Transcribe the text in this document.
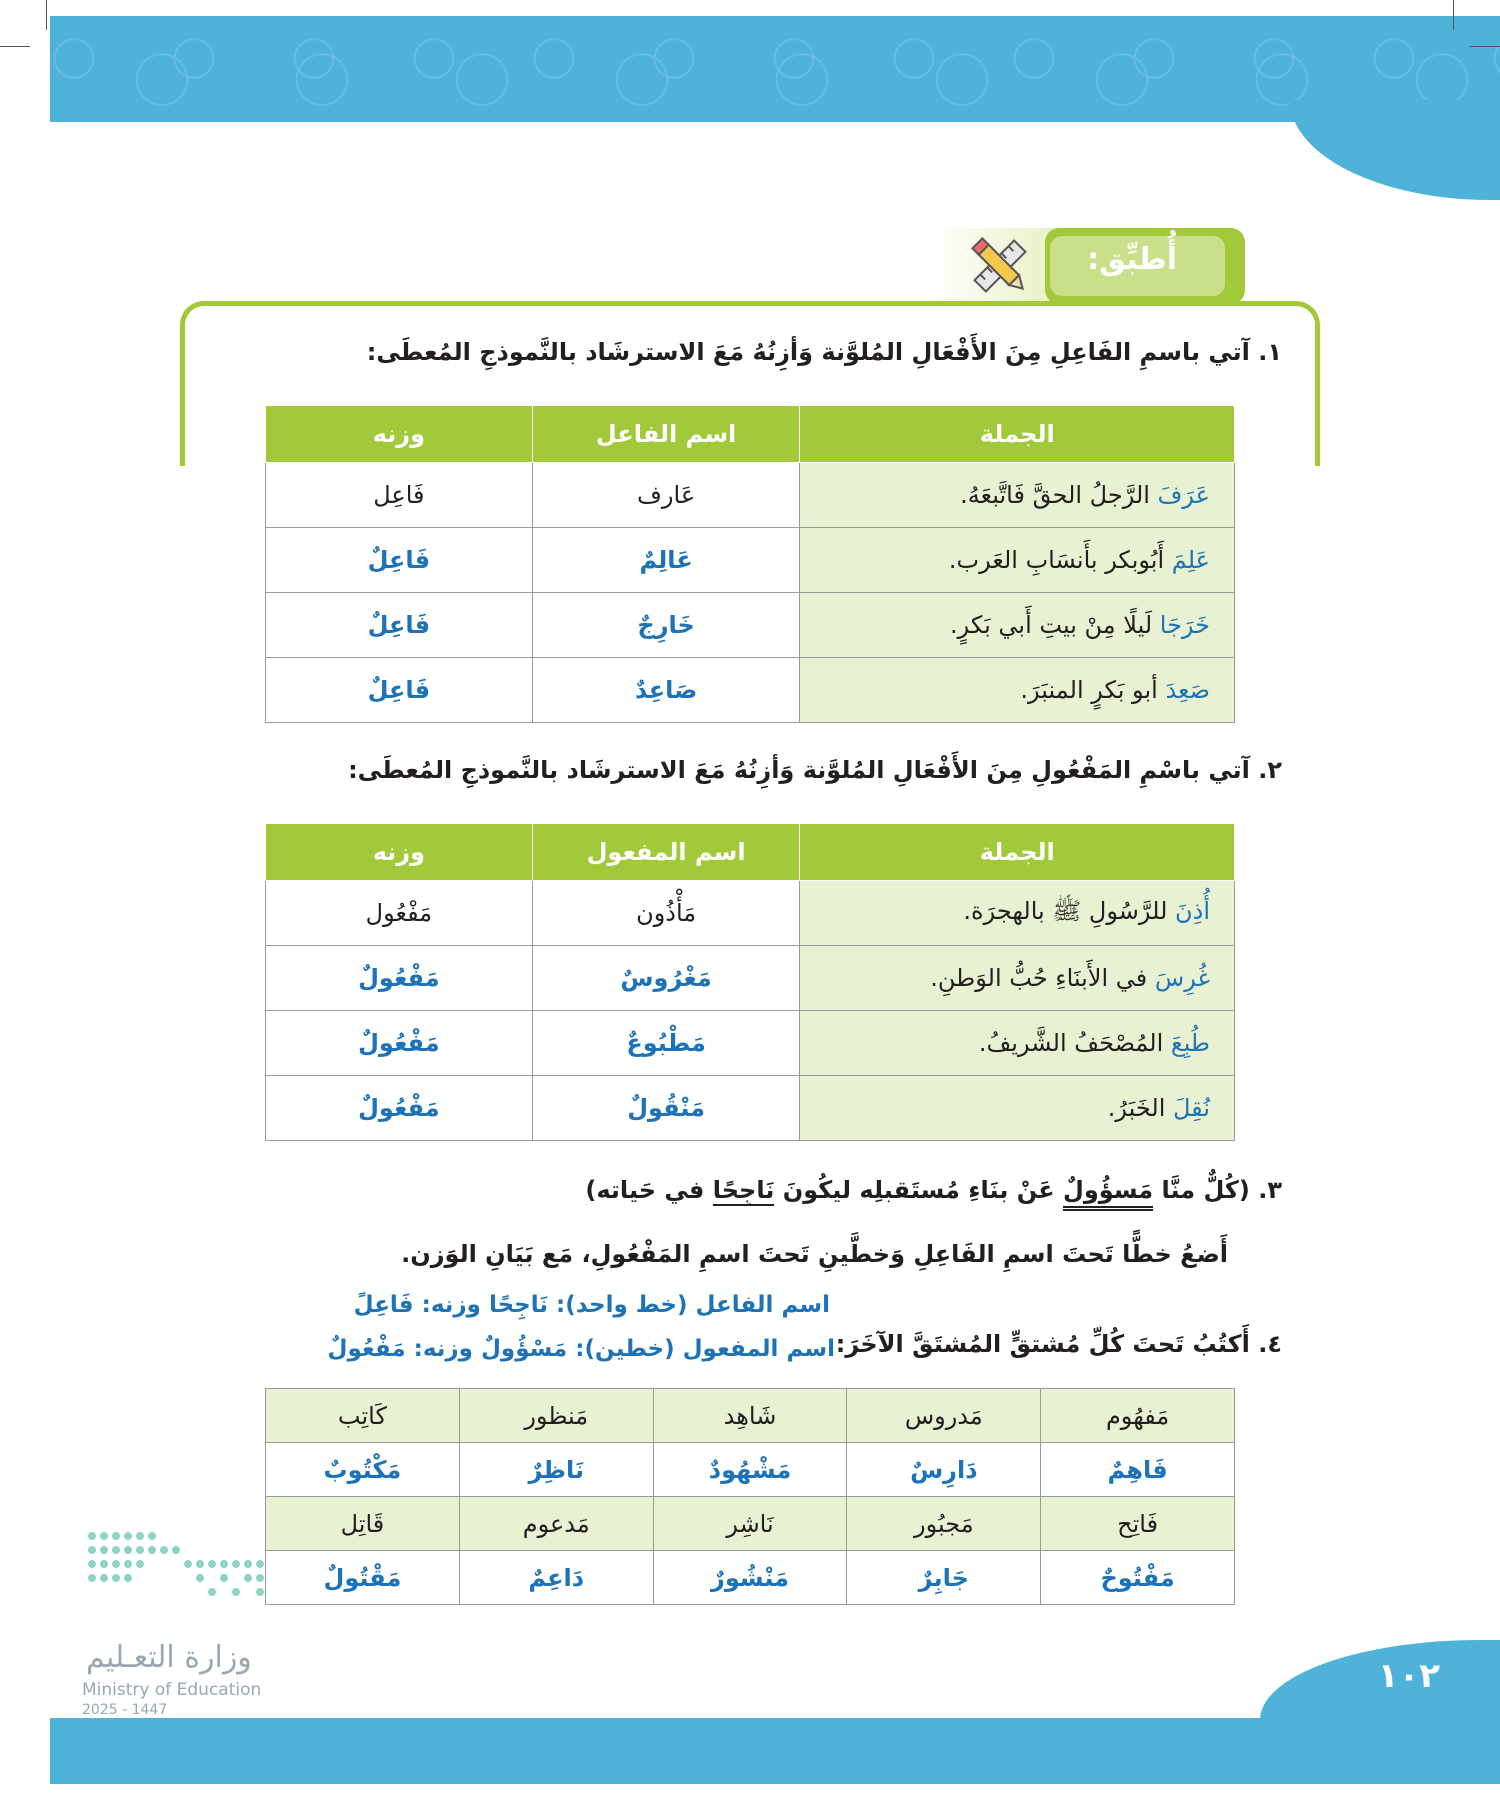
أُطبِّق:
١. آتي باسمِ الفَاعِلِ مِنَ الأَفْعَالِ المُلوَّنة وَأزِنُهُ مَعَ الاسترشَاد بالنَّموذجِ المُعطَى:
الجملة	اسم الفاعل	وزنه
عَرَفَ الرَّجلُ الحقَّ فَاتَّبعَهُ.	عَارف	فَاعِل
عَلِمَ أَبُوبكر بأَنسَابِ العَرب.	عَالِمٌ	فَاعِلٌ
خَرَجَا لَيلًا مِنْ بيتِ أَبي بَكرٍ.	خَارِجٌ	فَاعِلٌ
صَعِدَ أبو بَكرٍ المنبَرَ.	صَاعِدٌ	فَاعِلٌ
٢. آتي باسْمِ المَفْعُولِ مِنَ الأَفْعَالِ المُلوَّنة وَأزِنُهُ مَعَ الاسترشَاد بالنَّموذجِ المُعطَى:
الجملة	اسم المفعول	وزنه
أُذِنَ للرَّسُولِ ﷺ بالهجرَة.	مَأْذُون	مَفْعُول
غُرِسَ في الأَبنَاءِ حُبُّ الوَطنِ.	مَغْرُوسٌ	مَفْعُولٌ
طُبِعَ المُصْحَفُ الشَّريفُ.	مَطْبُوعٌ	مَفْعُولٌ
نُقِلَ الخَبَرُ.	مَنْقُولٌ	مَفْعُولٌ
٣. (كُلٌّ منَّا مَسؤُولٌ عَنْ بنَاءِ مُستَقبلِه ليكُونَ نَاجِحًا في حَياته)
أَضعُ خطًّا تَحتَ اسمِ الفَاعِلِ وَخطَّينِ تَحتَ اسمِ المَفْعُولِ، مَع بَيَانِ الوَزن.
اسم الفاعل (خط واحد): نَاجِحًا وزنه: فَاعِلً
٤. أَكتُبُ تَحتَ كُلِّ مُشتقٍّ المُشتَقَّ الآخَرَ:
اسم المفعول (خطين): مَسْؤُولٌ وزنه: مَفْعُولٌ
مَفهُوم	مَدروس	شَاهِد	مَنظور	كَاتِب
فَاهِمٌ	دَارِسٌ	مَشْهُودٌ	نَاظِرٌ	مَكْتُوبٌ
فَاتِح	مَجبُور	نَاشِر	مَدعوم	قَاتِل
مَفْتُوحٌ	جَابِرٌ	مَنْشُورٌ	دَاعِمٌ	مَقْتُولٌ
وزارة التعـليم
Ministry of Education
2025 - 1447
١٠٢
